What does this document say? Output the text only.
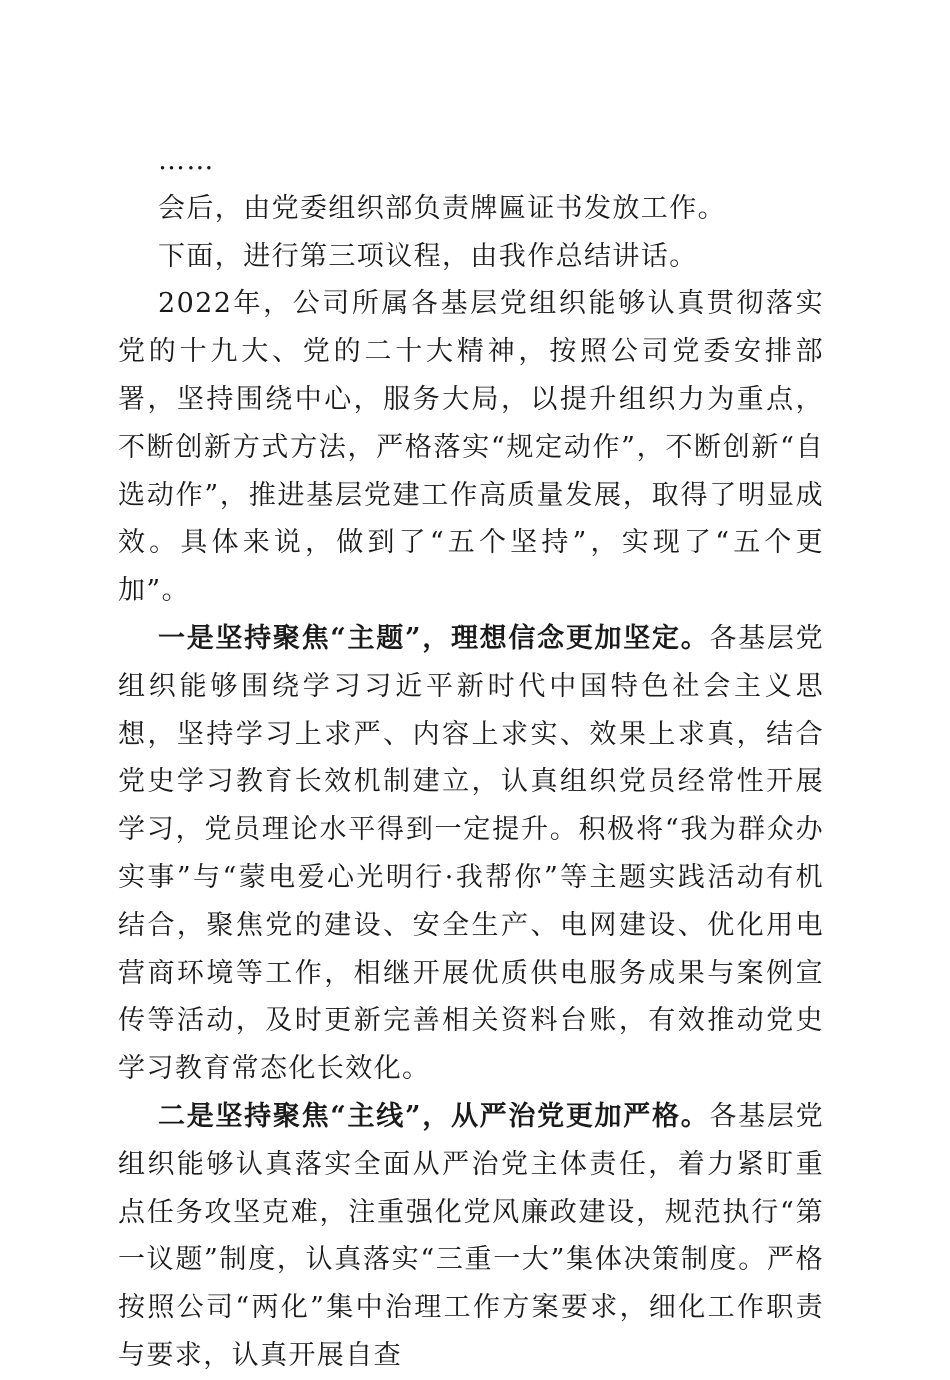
……

会后，由党委组织部负责牌匾证书发放工作。

下面，进行第三项议程，由我作总结讲话。

2022年，公司所属各基层党组织能够认真贯彻落实党的十九大、党的二十大精神，按照公司党委安排部署，坚持围绕中心，服务大局，以提升组织力为重点，不断创新方式方法，严格落实“规定动作”，不断创新“自选动作”，推进基层党建工作高质量发展，取得了明显成效。具体来说，做到了“五个坚持”，实现了“五个更加”。

一是坚持聚焦“主题”，理想信念更加坚定。各基层党组织能够围绕学习习近平新时代中国特色社会主义思想，坚持学习上求严、内容上求实、效果上求真，结合党史学习教育长效机制建立，认真组织党员经常性开展学习，党员理论水平得到一定提升。积极将“我为群众办实事”与“蒙电爱心光明行·我帮你”等主题实践活动有机结合，聚焦党的建设、安全生产、电网建设、优化用电营商环境等工作，相继开展优质供电服务成果与案例宣传等活动，及时更新完善相关资料台账，有效推动党史学习教育常态化长效化。

二是坚持聚焦“主线”，从严治党更加严格。各基层党组织能够认真落实全面从严治党主体责任，着力紧盯重点任务攻坚克难，注重强化党风廉政建设，规范执行“第一议题”制度，认真落实“三重一大”集体决策制度。严格按照公司“两化”集中治理工作方案要求，细化工作职责与要求，认真开展自查
